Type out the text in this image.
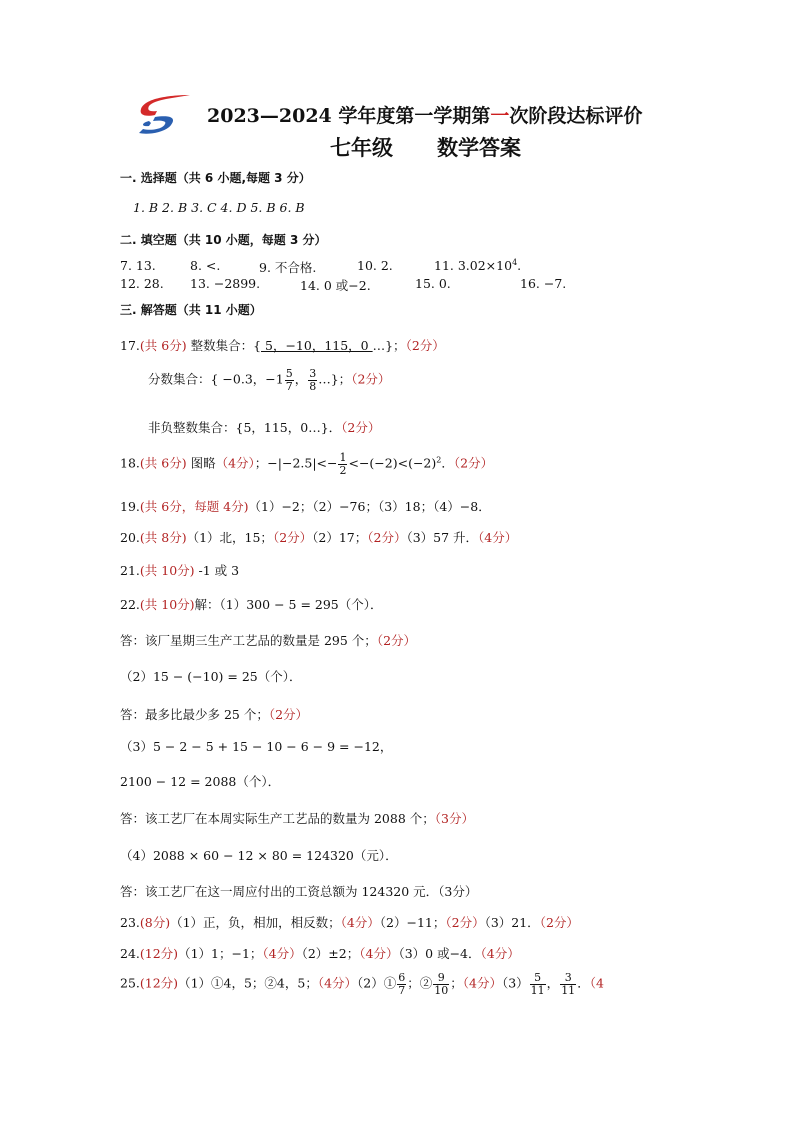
2023—2024 学年度第一学期第一次阶段达标评价
七年级 数学答案
一. 选择题（共 6 小题,每题 3 分）
1. B 2. B 3. C 4. D 5. B 6. B
二. 填空题（共 10 小题，每题 3 分）
7. 13.	8. <.	9. 不合格.	10. 2.	11. $3.02\times 10^4$.
12. 28. 13. −2899.	14. 0 或−2.	15. 0.	16. −7.
三. 解答题（共 11 小题）
17.(共 6分) 整数集合：{ 5，−10，115，0 …}；（2分）
分数集合：{ −0.3，$-1 \frac{5}{7}$ ， $\frac{3}{8}$ …}；（2分）
非负整数集合：{5，115，0…}．（2分）
18.(共 6分) 图略（4分）；$-|-2.5|<- \frac{1}{2} <-(-2)<(-2)^2$．（2分）
19.(共 6分，每题 4分)（1）−2；（2）−76；（3）18；（4）−8．
20.(共 8分)（1）北，15；（2分）（2）17；（2分）（3）57 升．（4分）
21.(共 10分) -1 或 3
22.(共 10分)解：（1）300 − 5 = 295（个）．
答：该厂星期三生产工艺品的数量是 295 个；（2分）
（2）15 − (−10) = 25（个）．
答：最多比最少多 25 个；（2分）
（3）5 − 2 − 5 + 15 − 10 − 6 − 9 = −12，
2100 − 12 = 2088（个）．
答：该工艺厂在本周实际生产工艺品的数量为 2088 个；（3分）
（4）2088 × 60 − 12 × 80 = 124320（元）．
答：该工艺厂在这一周应付出的工资总额为 124320 元．（3分）
23.(8分)（1）正，负，相加，相反数；（4分）（2）−11；（2分）（3）21．（2分）
24.(12分)（1）1；−1；（4分）（2）±2；（4分）（3）0 或−4．（4分）
25.(12分)（1）①4，5；②4，5；（4分）（2）① $\frac{6}{7}$ ；② $\frac{9}{10}$ ；（4分）$(3) \frac{5}{11}$ ， $\frac{3}{11}$ ．（4
